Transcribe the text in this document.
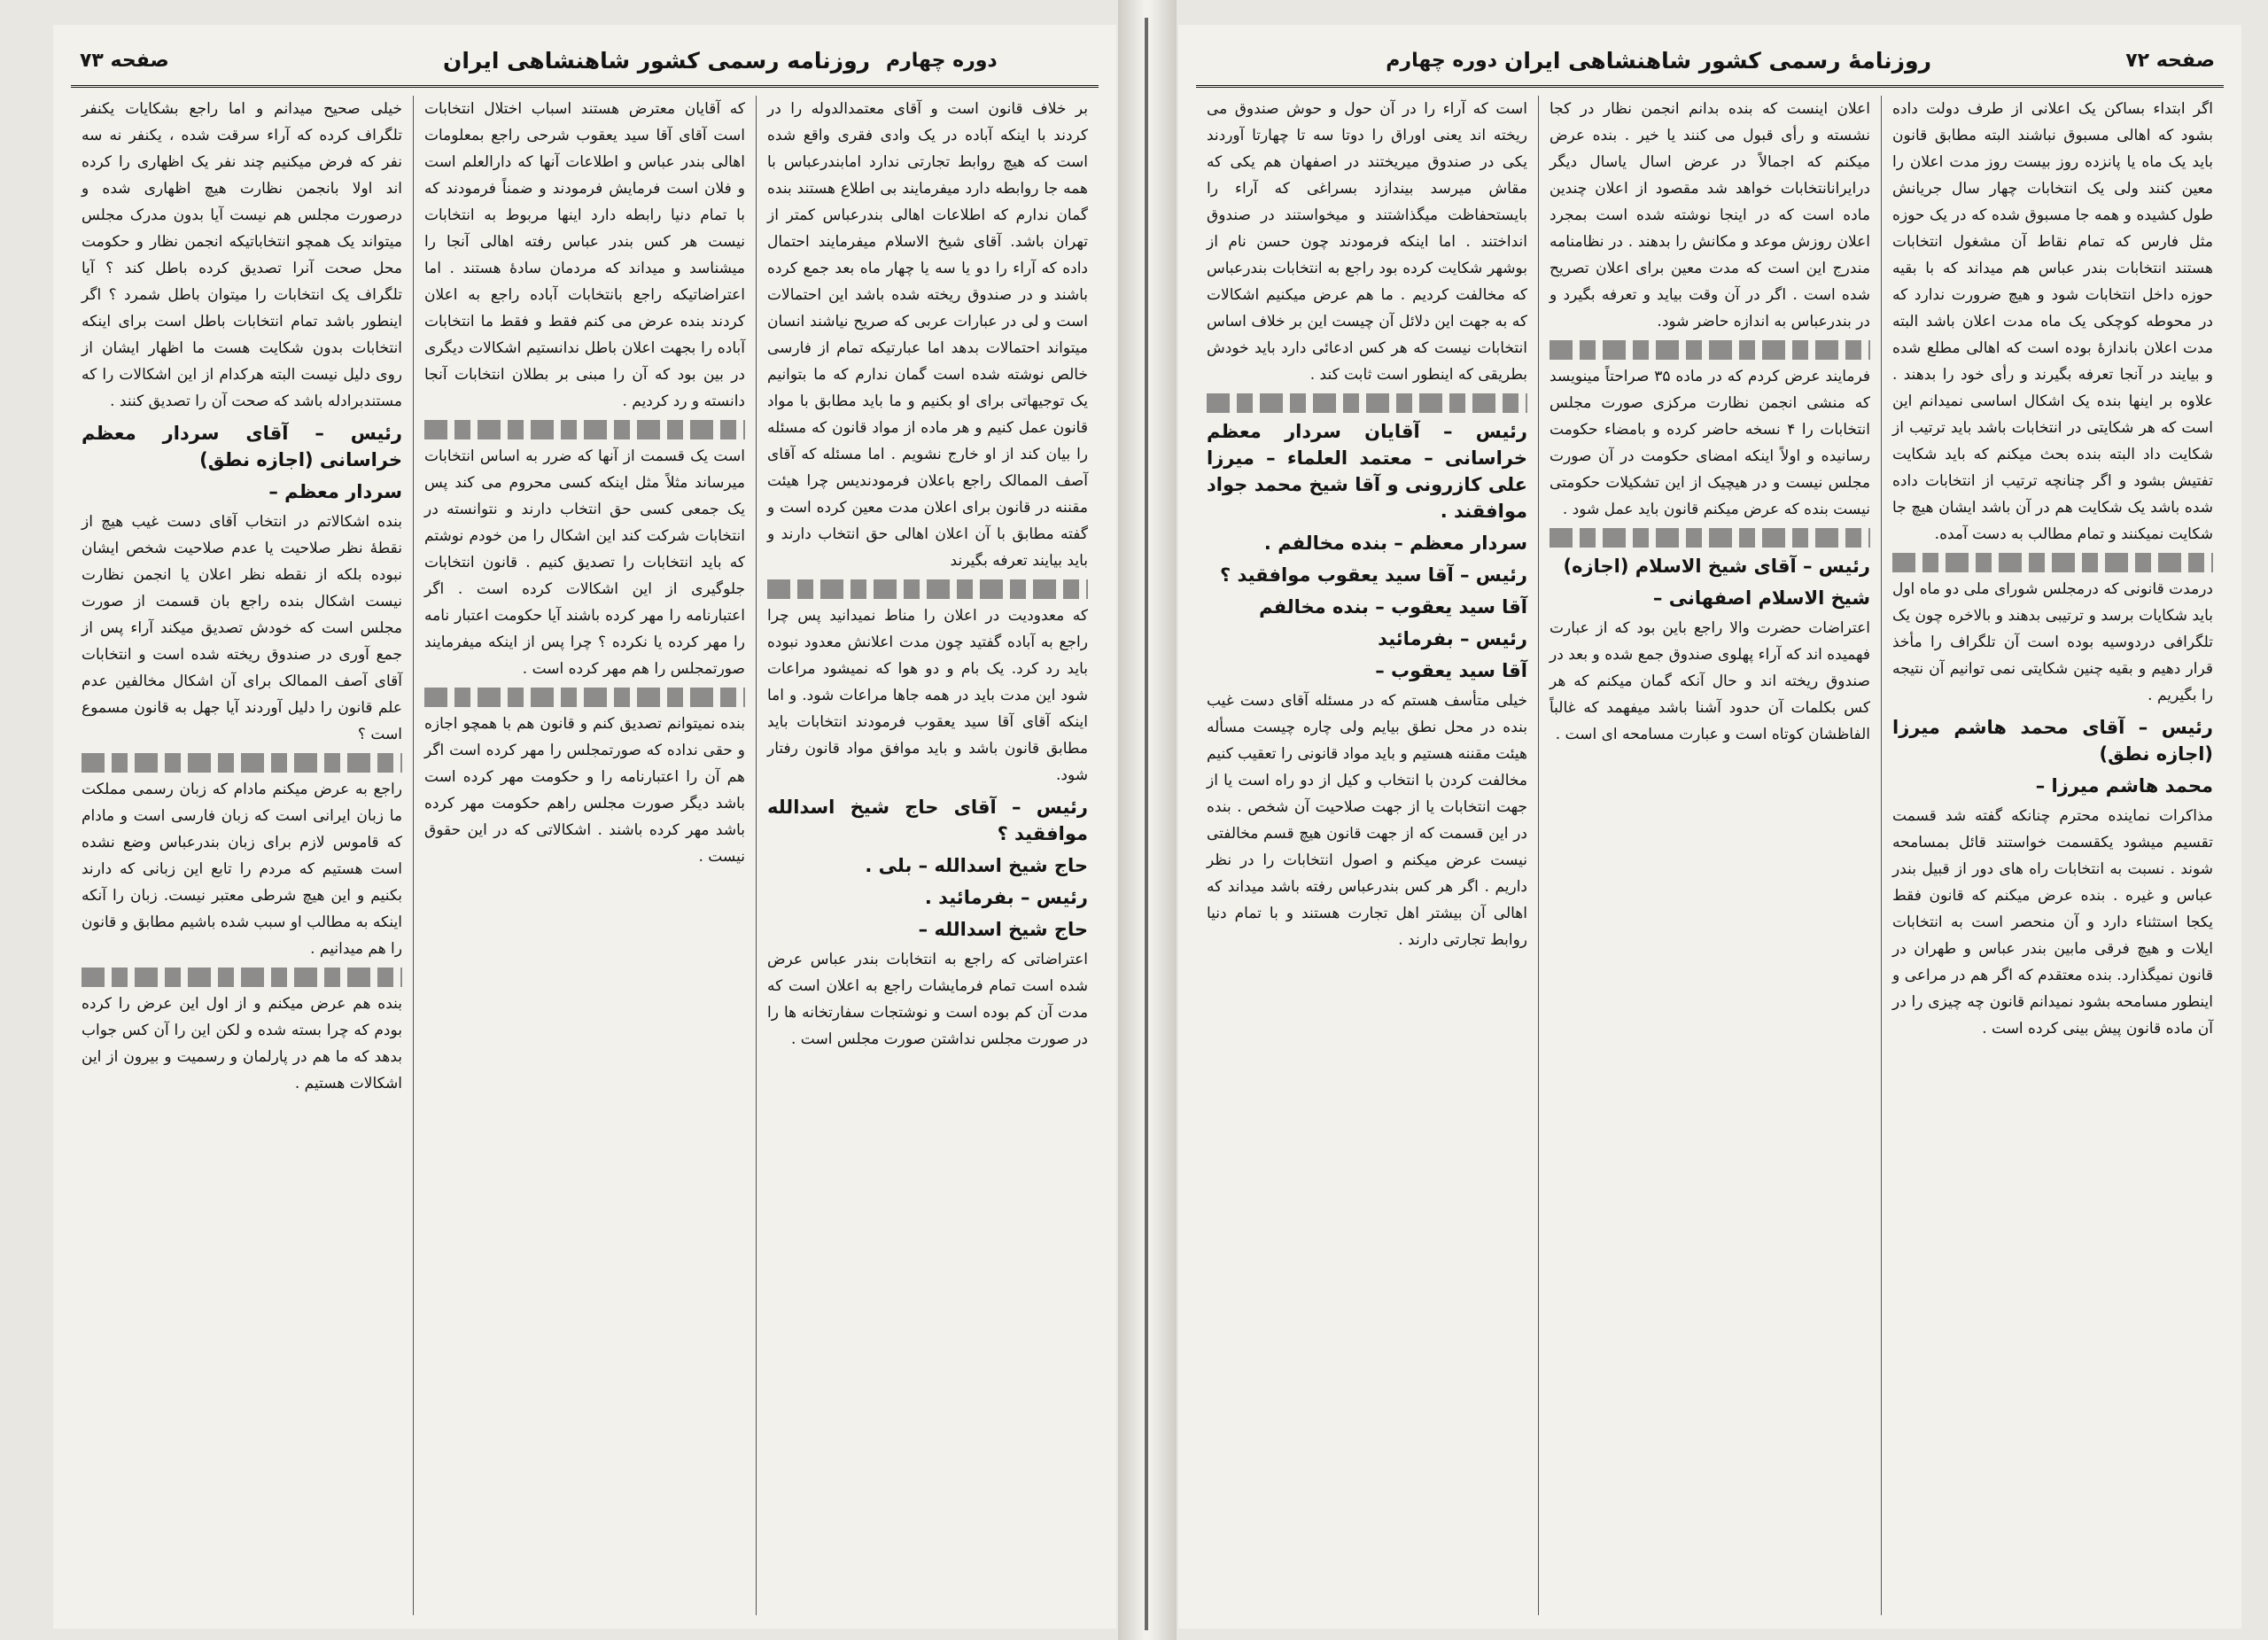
صفحه ۷۳	روزنامه رسمی کشور شاهنشاهی ایران دوره چهارم

بر خلاف قانون است و آقای معتمدالدوله را در کردند با اینکه آباده در یک وادی فقری واقع شده است که هیچ روابط تجارتی ندارد امابندرعباس با همه جا روابطه دارد میفرمایند بی اطلاع هستند بنده گمان ندارم که اطلاعات اهالی بندرعباس کمتر از تهران باشد. آقای شیخ الاسلام میفرمایند احتمال داده که آراء را دو یا سه یا چهار ماه بعد جمع کرده باشند و در صندوق ریخته شده باشد این احتمالات است و لی در عبارات عربی که صریح نیاشند انسان میتواند احتمالات بدهد اما عبارتیکه تمام از فارسی خالص نوشته شده است گمان ندارم که ما بتوانیم یک توجیهاتی برای او بکنیم و ما باید مطابق با مواد قانون عمل کنیم و هر ماده از مواد قانون که مسئله را بیان کند از او خارج نشویم . اما مسئله که آقای آصف الممالک راجع باعلان فرمودندیس چرا هیئت مقننه در قانون برای اعلان مدت معین کرده است و گفته مطابق با آن اعلان اهالی حق انتخاب دارند و باید بیایند تعرفه بگیرند

که معدودیت در اعلان را مناط نمیدانید پس چرا راجع به آباده گفتید چون مدت اعلانش معدود نبوده باید رد کرد. یک بام و دو هوا که نمیشود مراعات شود این مدت باید در همه جاها مراعات شود. و اما اینکه آقای آقا سید یعقوب فرمودند انتخابات باید مطابق قانون باشد و باید موافق مواد قانون رفتار شود.

رئیس – آقای حاج شیخ اسدالله موافقید ؟
حاج شیخ اسدالله – بلی .
رئیس – بفرمائید .
حاج شیخ اسدالله –

اعتراضاتی که راجع به انتخابات بندر عباس عرض شده است تمام فرمایشات راجع به اعلان است که مدت آن کم بوده است و نوشتجات سفارتخانه ها را در صورت مجلس نداشتن صورت مجلس است .

که آقایان معترض هستند اسباب اختلال انتخابات است آقای آقا سید یعقوب شرحی راجع بمعلومات اهالی بندر عباس و اطلاعات آنها که دارالعلم است و فلان است فرمایش فرمودند و ضمناً فرمودند که با تمام دنیا رابطه دارد اینها مربوط به انتخابات نیست هر کس بندر عباس رفته اهالی آنجا را میشناسد و میداند که مردمان سادهٔ هستند . اما اعتراضاتیکه راجع بانتخابات آباده راجع به اعلان کردند بنده عرض می کنم فقط و فقط ما انتخابات آباده را بجهت اعلان باطل ندانستیم اشکالات دیگری در بین بود که آن را مبنی بر بطلان انتخابات آنجا دانسته و رد کردیم .

است یک قسمت از آنها که ضرر به اساس انتخابات میرساند مثلاً مثل اینکه کسی محروم می کند پس یک جمعی کسی حق انتخاب دارند و نتوانسته در انتخابات شرکت کند این اشکال را من خودم نوشتم که باید انتخابات را تصدیق کنیم . قانون انتخابات جلوگیری از این اشکالات کرده است . اگر اعتبارنامه را مهر کرده باشند آیا حکومت اعتبار نامه را مهر کرده یا نکرده ؟ چرا پس از اینکه میفرمایند صورتمجلس را هم مهر کرده است .

بنده نمیتوانم تصدیق کنم و قانون هم با همچو اجازه و حقی نداده که صورتمجلس را مهر کرده است اگر هم آن را اعتبارنامه را و حکومت مهر کرده است باشد دیگر صورت مجلس راهم حکومت مهر کرده باشد مهر کرده باشند . اشکالاتی که در این حقوق نیست .

خیلی صحیح میدانم و اما راجع بشکایات یکنفر تلگراف کرده که آراء سرقت شده ، یکنفر نه سه نفر که فرض میکنیم چند نفر یک اظهاری را کرده اند اولا بانجمن نظارت هیچ اظهاری شده و درصورت مجلس هم نیست آیا بدون مدرک مجلس میتواند یک همچو انتخاباتیکه انجمن نظار و حکومت محل صحت آنرا تصدیق کرده باطل کند ؟ آیا تلگراف یک انتخابات را میتوان باطل شمرد ؟ اگر اینطور باشد تمام انتخابات باطل است برای اینکه انتخابات بدون شکایت هست ما اظهار ایشان از روی دلیل نیست البته هرکدام از این اشکالات را که مستندبرادله باشد که صحت آن را تصدیق کنند .

رئیس – آقای سردار معظم خراسانی (اجازه نطق)
سردار معظم –

بنده اشکالاتم در انتخاب آقای دست غیب هیچ از نقطهٔ نظر صلاحیت یا عدم صلاحیت شخص ایشان نبوده بلکه از نقطه نظر اعلان یا انجمن نظارت نیست اشکال بنده راجع بان قسمت از صورت مجلس است که خودش تصدیق میکند آراء پس از جمع آوری در صندوق ریخته شده است و انتخابات آقای آصف الممالک برای آن اشکال مخالفین عدم علم قانون را دلیل آوردند آیا جهل به قانون مسموع است ؟

راجع به عرض میکنم مادام که زبان رسمی مملکت ما زبان ایرانی است که زبان فارسی است و مادام که قاموس لازم برای زبان بندرعباس وضع نشده است هستیم که مردم را تابع این زبانی که دارند بکنیم و این هیچ شرطی معتبر نیست. زبان را آنکه اینکه به مطالب او سبب شده باشیم مطابق و قانون را هم میدانیم .

بنده هم عرض میکنم و از اول این عرض را کرده بودم که چرا بسته شده و لکن این را آن کس جواب بدهد که ما هم در پارلمان و رسمیت و بیرون از این اشکالات هستیم .

صفحه ۷۲
روزنامهٔ رسمی کشور شاهنشاهی ایران
دوره چهارم

اگر ابتداء بساکن یک اعلانی از طرف دولت داده بشود که اهالی مسبوق نباشند البته مطابق قانون باید یک ماه یا پانزده روز بیست روز مدت اعلان را معین کنند ولی یک انتخابات چهار سال جریانش طول کشیده و همه جا مسبوق شده که در یک حوزه مثل فارس که تمام نقاط آن مشغول انتخابات هستند انتخابات بندر عباس هم میداند که با بقیه حوزه داخل انتخابات شود و هیچ ضرورت ندارد که در محوطه کوچکی یک ماه مدت اعلان باشد البته مدت اعلان باندازهٔ بوده است که اهالی مطلع شده و بیایند در آنجا تعرفه بگیرند و رأی خود را بدهند . علاوه بر اینها بنده یک اشکال اساسی نمیدانم این است که هر شکایتی در انتخابات باشد باید ترتیب از شکایت داد البته بنده بحث میکنم که باید شکایت تفتیش بشود و اگر چنانچه ترتیب از انتخابات داده شده باشد یک شکایت هم در آن باشد ایشان هیچ جا شکایت نمیکنند و تمام مطالب به دست آمده.

درمدت قانونی که درمجلس شورای ملی دو ماه اول باید شکایات برسد و ترتیبی بدهند و بالاخره چون یک تلگرافی دردوسیه بوده است آن تلگراف را مأخذ قرار دهیم و بقیه چنین شکایتی نمی توانیم آن نتیجه را بگیریم .

رئیس – آقای محمد هاشم میرزا (اجازه نطق)
محمد هاشم میرزا –

مذاکرات نماینده محترم چنانکه گفته شد قسمت تقسیم میشود یکقسمت خواستند قائل بمسامحه شوند . نسبت به انتخابات راه های دور از قبیل بندر عباس و غیره . بنده عرض میکنم که قانون فقط یکجا استثناء دارد و آن منحصر است به انتخابات ایلات و هیچ فرقی مابین بندر عباس و طهران در قانون نمیگذارد. بنده معتقدم که اگر هم در مراعی و اینطور مسامحه بشود نمیدانم قانون چه چیزی را در آن ماده قانون پیش بینی کرده است .

اعلان اینست که بنده بدانم انجمن نظار در کجا نشسته و رأی قبول می کنند یا خیر . بنده عرض میکنم که اجمالاً در عرض اسال یاسال دیگر درایرانانتخابات خواهد شد مقصود از اعلان چندین ماده است که در اینجا نوشته شده است بمجرد اعلان روزش موعد و مکانش را بدهند . در نظامنامه مندرج این است که مدت معین برای اعلان تصریح شده است . اگر در آن وقت بیاید و تعرفه بگیرد و در بندرعباس به اندازه حاضر شود.

فرمایند عرض کردم که در ماده ۳۵ صراحتاً مینویسد که منشی انجمن نظارت مرکزی صورت مجلس انتخابات را ۴ نسخه حاضر کرده و بامضاء حکومت رسانیده و اولاً اینکه امضای حکومت در آن صورت مجلس نیست و در هیچیک از این تشکیلات حکومتی نیست بنده که عرض میکنم قانون باید عمل شود .

رئیس – آقای شیخ الاسلام (اجازه)
شیخ الاسلام اصفهانی –

اعتراضات حضرت والا راجع باین بود که از عبارت فهمیده اند که آراء پهلوی صندوق جمع شده و بعد در صندوق ریخته اند و حال آنکه گمان میکنم که هر کس بکلمات آن حدود آشنا باشد میفهمد که غالباً الفاظشان کوتاه است و عبارت مسامحه ای است .

است که آراء را در آن حول و حوش صندوق می ریخته اند یعنی اوراق را دوتا سه تا چهارتا آوردند یکی در صندوق میریختند در اصفهان هم یکی که مقاش میرسد بیندازد بسراغی که آراء را بایستحفاظت میگذاشتند و میخواستند در صندوق انداختند . اما اینکه فرمودند چون حسن نام از بوشهر شکایت کرده بود راجع به انتخابات بندرعباس که مخالفت کردیم . ما هم عرض میکنیم اشکالات که به جهت این دلائل آن چیست این بر خلاف اساس انتخابات نیست که هر کس ادعائی دارد باید خودش بطریقی که اینطور است ثابت کند .

رئیس – آقایان سردار معظم خراسانی – معتمد العلماء – میرزا علی کازرونی و آقا شیخ محمد جواد موافقند .
سردار معظم – بنده مخالفم .
رئیس – آقا سید یعقوب موافقید ؟
آقا سید یعقوب – بنده مخالفم
رئیس – بفرمائید
آقا سید یعقوب –

خیلی متأسف هستم که در مسئله آقای دست غیب بنده در محل نطق بیایم ولی چاره چیست مسأله هیئت مقننه هستیم و باید مواد قانونی را تعقیب کنیم مخالفت کردن با انتخاب و کیل از دو راه است یا از جهت انتخابات یا از جهت صلاحیت آن شخص . بنده در این قسمت که از جهت قانون هیچ قسم مخالفتی نیست عرض میکنم و اصول انتخابات را در نظر داریم . اگر هر کس بندرعباس رفته باشد میداند که اهالی آن بیشتر اهل تجارت هستند و با تمام دنیا روابط تجارتی دارند .
